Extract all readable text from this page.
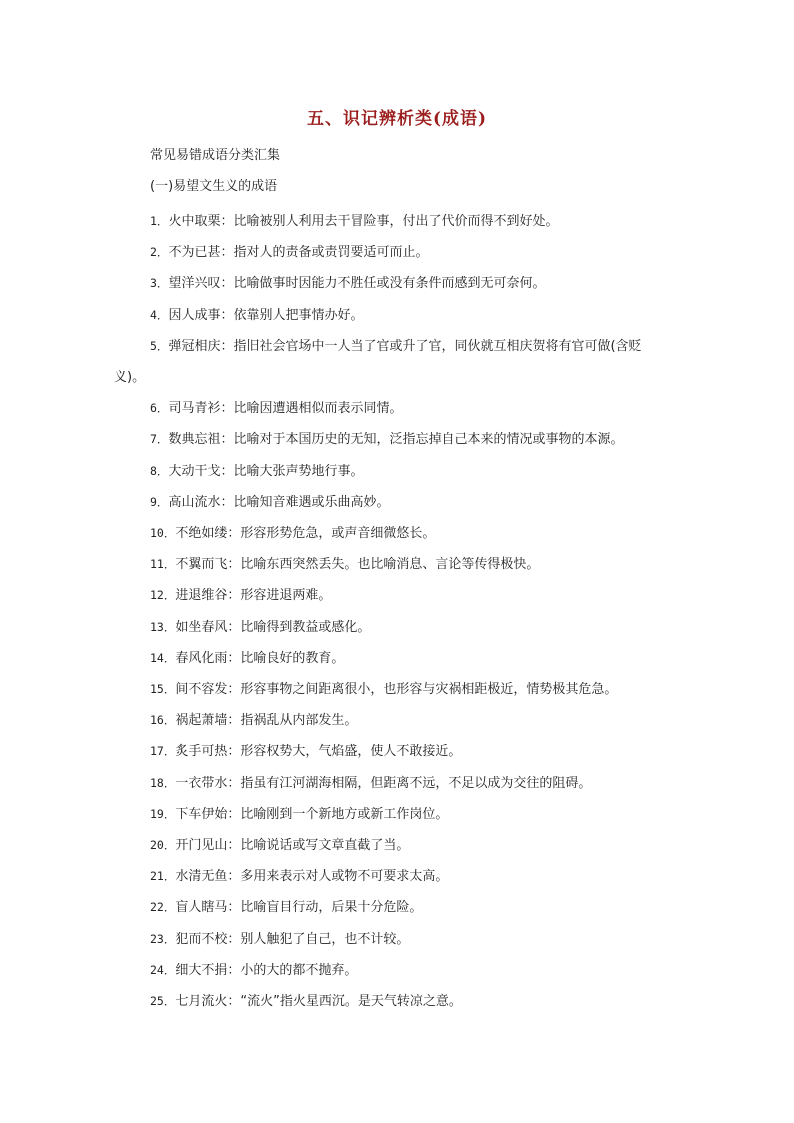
五、识记辨析类(成语)
常见易错成语分类汇集
(一)易望文生义的成语
1．火中取栗：比喻被别人利用去干冒险事，付出了代价而得不到好处。
2．不为已甚：指对人的责备或责罚要适可而止。
3．望洋兴叹：比喻做事时因能力不胜任或没有条件而感到无可奈何。
4．因人成事：依靠别人把事情办好。
5．弹冠相庆：指旧社会官场中一人当了官或升了官，同伙就互相庆贺将有官可做(含贬义)。
6．司马青衫：比喻因遭遇相似而表示同情。
7．数典忘祖：比喻对于本国历史的无知，泛指忘掉自己本来的情况或事物的本源。
8．大动干戈：比喻大张声势地行事。
9．高山流水：比喻知音难遇或乐曲高妙。
10．不绝如缕：形容形势危急，或声音细微悠长。
11．不翼而飞：比喻东西突然丢失。也比喻消息、言论等传得极快。
12．进退维谷：形容进退两难。
13．如坐春风：比喻得到教益或感化。
14．春风化雨：比喻良好的教育。
15．间不容发：形容事物之间距离很小，也形容与灾祸相距极近，情势极其危急。
16．祸起萧墙：指祸乱从内部发生。
17．炙手可热：形容权势大，气焰盛，使人不敢接近。
18．一衣带水：指虽有江河湖海相隔，但距离不远，不足以成为交往的阻碍。
19．下车伊始：比喻刚到一个新地方或新工作岗位。
20．开门见山：比喻说话或写文章直截了当。
21．水清无鱼：多用来表示对人或物不可要求太高。
22．盲人瞎马：比喻盲目行动，后果十分危险。
23．犯而不校：别人触犯了自己，也不计较。
24．细大不捐：小的大的都不抛弃。
25．七月流火：“流火”指火星西沉。是天气转凉之意。
